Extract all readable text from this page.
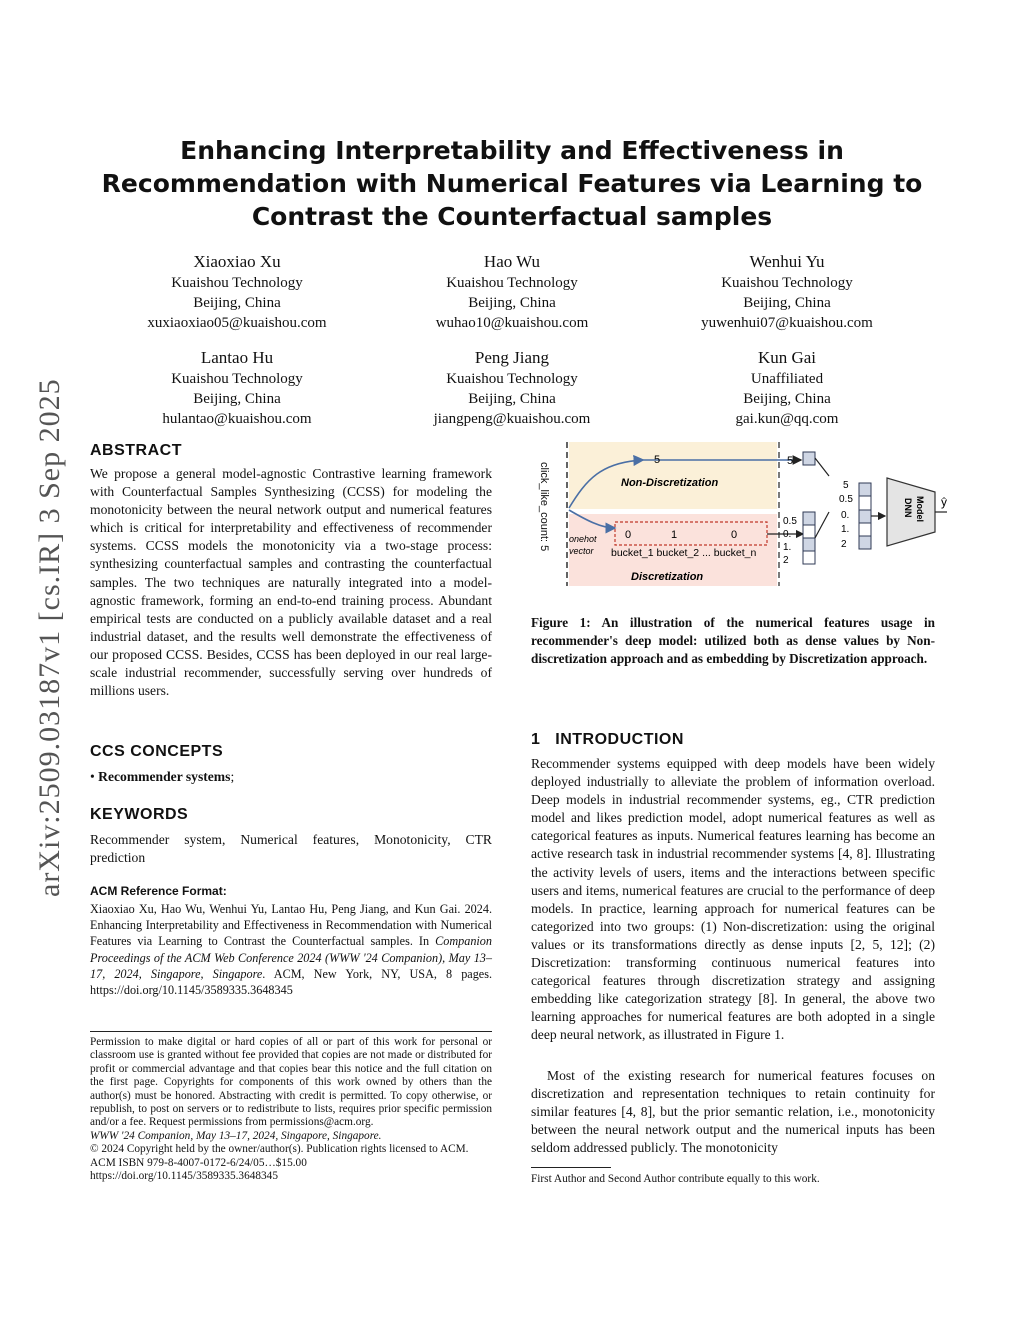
arXiv:2509.03187v1 [cs.IR] 3 Sep 2025
Enhancing Interpretability and Effectiveness in Recommendation with Numerical Features via Learning to Contrast the Counterfactual samples
Xiaoxiao Xu
Kuaishou Technology
Beijing, China
xuxiaoxiao05@kuaishou.com
Hao Wu
Kuaishou Technology
Beijing, China
wuhao10@kuaishou.com
Wenhui Yu
Kuaishou Technology
Beijing, China
yuwenhui07@kuaishou.com
Lantao Hu
Kuaishou Technology
Beijing, China
hulantao@kuaishou.com
Peng Jiang
Kuaishou Technology
Beijing, China
jiangpeng@kuaishou.com
Kun Gai
Unaffiliated
Beijing, China
gai.kun@qq.com
ABSTRACT
We propose a general model-agnostic Contrastive learning framework with Counterfactual Samples Synthesizing (CCSS) for modeling the monotonicity between the neural network output and numerical features which is critical for interpretability and effectiveness of recommender systems. CCSS models the monotonicity via a two-stage process: synthesizing counterfactual samples and contrasting the counterfactual samples. The two techniques are naturally integrated into a model-agnostic framework, forming an end-to-end training process. Abundant empirical tests are conducted on a publicly available dataset and a real industrial dataset, and the results well demonstrate the effectiveness of our proposed CCSS. Besides, CCSS has been deployed in our real large-scale industrial recommender, successfully serving over hundreds of millions users.
CCS CONCEPTS
• Recommender systems;
KEYWORDS
Recommender system, Numerical features, Monotonicity, CTR prediction
ACM Reference Format:
Xiaoxiao Xu, Hao Wu, Wenhui Yu, Lantao Hu, Peng Jiang, and Kun Gai. 2024. Enhancing Interpretability and Effectiveness in Recommendation with Numerical Features via Learning to Contrast the Counterfactual samples. In Companion Proceedings of the ACM Web Conference 2024 (WWW '24 Companion), May 13–17, 2024, Singapore, Singapore. ACM, New York, NY, USA, 8 pages. https://doi.org/10.1145/3589335.3648345
Permission to make digital or hard copies of all or part of this work for personal or classroom use is granted without fee provided that copies are not made or distributed for profit or commercial advantage and that copies bear this notice and the full citation on the first page. Copyrights for components of this work owned by others than the author(s) must be honored. Abstracting with credit is permitted. To copy otherwise, or republish, to post on servers or to redistribute to lists, requires prior specific permission and/or a fee. Request permissions from permissions@acm.org.
WWW '24 Companion, May 13–17, 2024, Singapore, Singapore.
© 2024 Copyright held by the owner/author(s). Publication rights licensed to ACM.
ACM ISBN 979-8-4007-0172-6/24/05…$15.00
https://doi.org/10.1145/3589335.3648345
click_like_count: 5
5
Non-Discretization
onehot
vector
0	1	0
bucket_1 bucket_2 ... bucket_n
Discretization
5
0.5
0.
1.
2
5
0.5
0.
1.
2
DNN Model ŷ
Figure 1: An illustration of the numerical features usage in recommender's deep model: utilized both as dense values by Non-discretization approach and as embedding by Discretization approach.
1 INTRODUCTION
Recommender systems equipped with deep models have been widely deployed industrially to alleviate the problem of information overload. Deep models in industrial recommender systems, eg., CTR prediction model and likes prediction model, adopt numerical features as well as categorical features as inputs. Numerical features learning has become an active research task in industrial recommender systems [4, 8]. Illustrating the activity levels of users, items and the interactions between specific users and items, numerical features are crucial to the performance of deep models. In practice, learning approach for numerical features can be categorized into two groups: (1) Non-discretization: using the original values or its transformations directly as dense inputs [2, 5, 12]; (2) Discretization: transforming continuous numerical features into categorical features through discretization strategy and assigning embedding like categorization strategy [8]. In general, the above two learning approaches for numerical features are both adopted in a single deep neural network, as illustrated in Figure 1.
Most of the existing research for numerical features focuses on discretization and representation techniques to retain continuity for similar features [4, 8], but the prior semantic relation, i.e., monotonicity between the neural network output and the numerical inputs has been seldom addressed publicly. The monotonicity
First Author and Second Author contribute equally to this work.
